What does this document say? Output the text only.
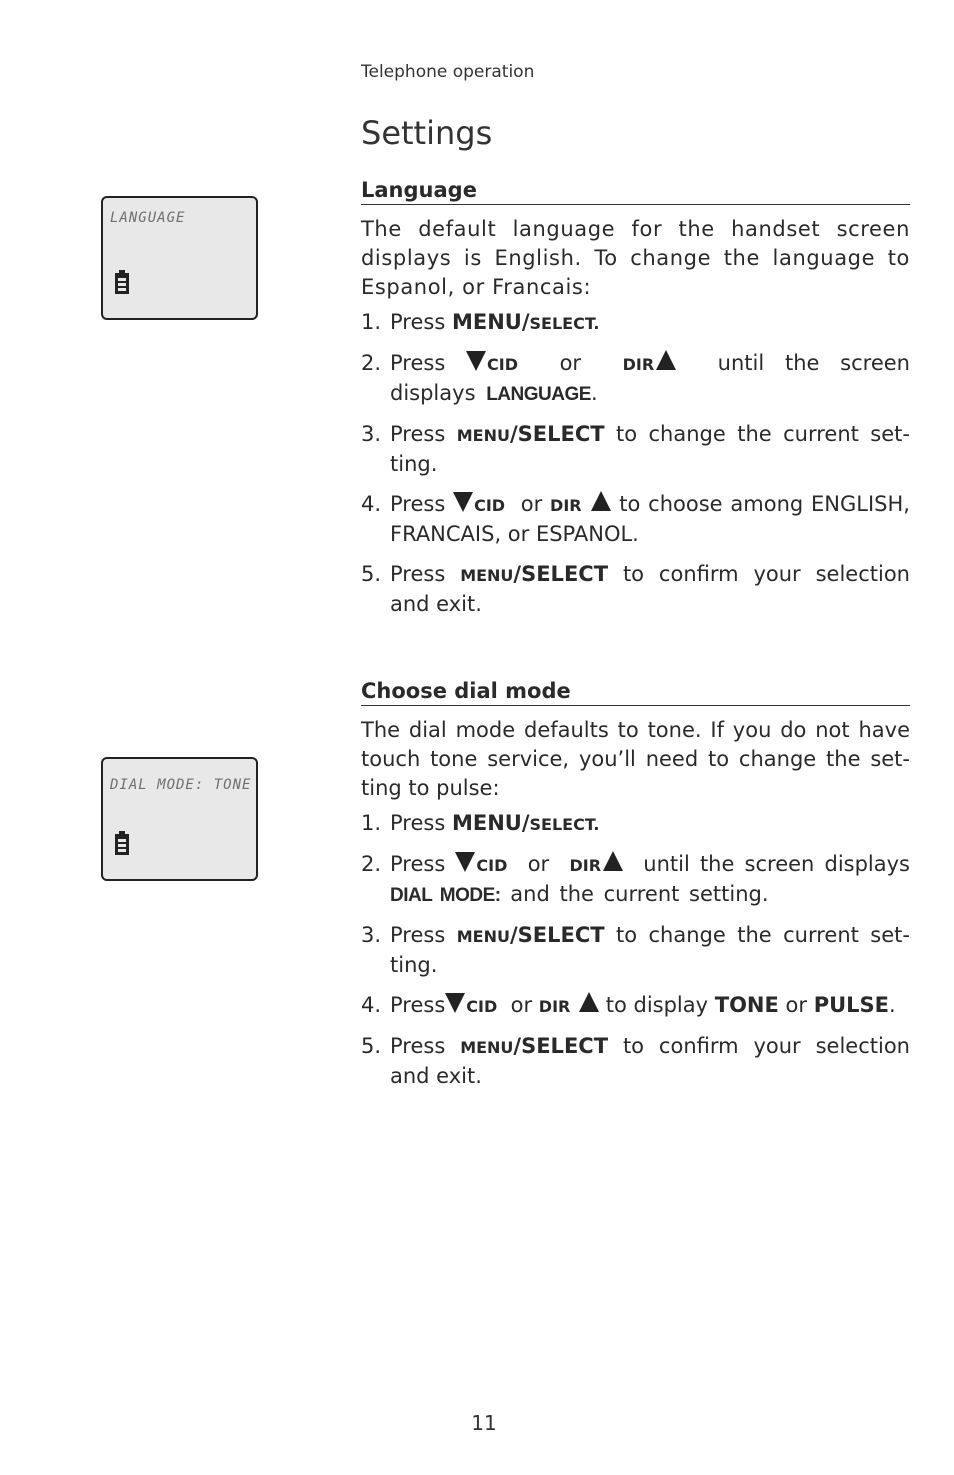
Telephone operation
Settings
LANGUAGE
Language

The default language for the handset screen displays is English. To change the language to Espanol, or Francais:

1. Press MENU/SELECT.
2. Press	CID or	DIR	until the screen displays LANGUAGE.
3. Press MENU/SELECT to change the current set-ting.
4. Press CID or DIR to choose among ENGLISH, FRANCAIS, or ESPANOL.
5. Press MENU/SELECT to confirm your selection and exit.
DIAL MODE: TONE
Choose dial mode

The dial mode defaults to tone. If you do not have touch tone service, you’ll need to change the set-ting to pulse:

1. Press MENU/SELECT.
2. Press CID or DIR until the screen displays DIAL MODE: and the current setting.
3. Press MENU/SELECT to change the current set-ting.
4. Press CID or DIR to display TONE or PULSE.
5. Press MENU/SELECT to confirm your selection and exit.
11
